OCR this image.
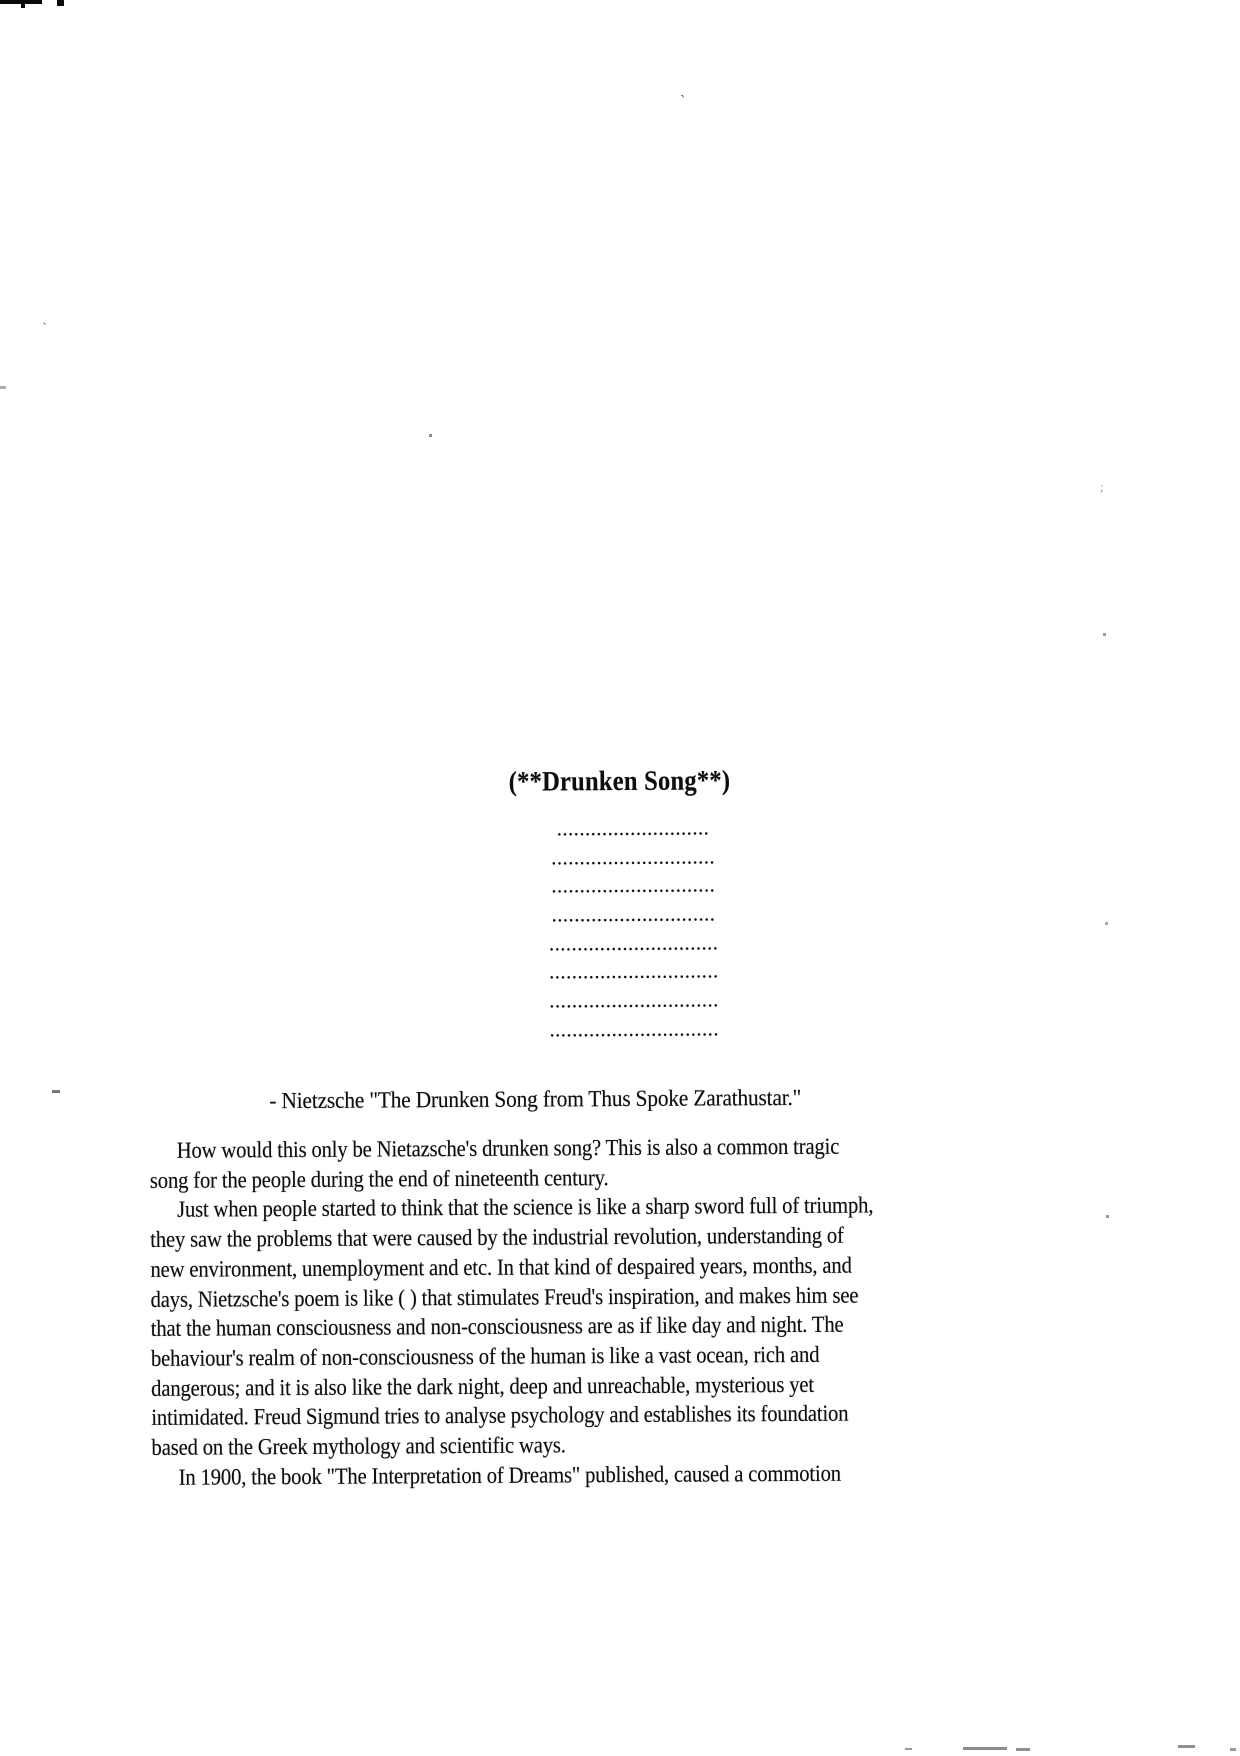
(**Drunken Song**)
...........................
.............................
.............................
.............................
..............................
..............................
..............................
..............................
- Nietzsche "The Drunken Song from Thus Spoke Zarathustar."
How would this only be Nietazsche's drunken song? This is also a common tragic
song for the people during the end of nineteenth century.
Just when people started to think that the science is like a sharp sword full of triumph,
they saw the problems that were caused by the industrial revolution, understanding of
new environment, unemployment and etc. In that kind of despaired years, months, and
days, Nietzsche's poem is like ( ) that stimulates Freud's inspiration, and makes him see
that the human consciousness and non-consciousness are as if like day and night. The
behaviour's realm of non-consciousness of the human is like a vast ocean, rich and
dangerous; and it is also like the dark night, deep and unreachable, mysterious yet
intimidated. Freud Sigmund tries to analyse psychology and establishes its foundation
based on the Greek mythology and scientific ways.
In 1900, the book "The Interpretation of Dreams" published, caused a commotion
`
`
;
